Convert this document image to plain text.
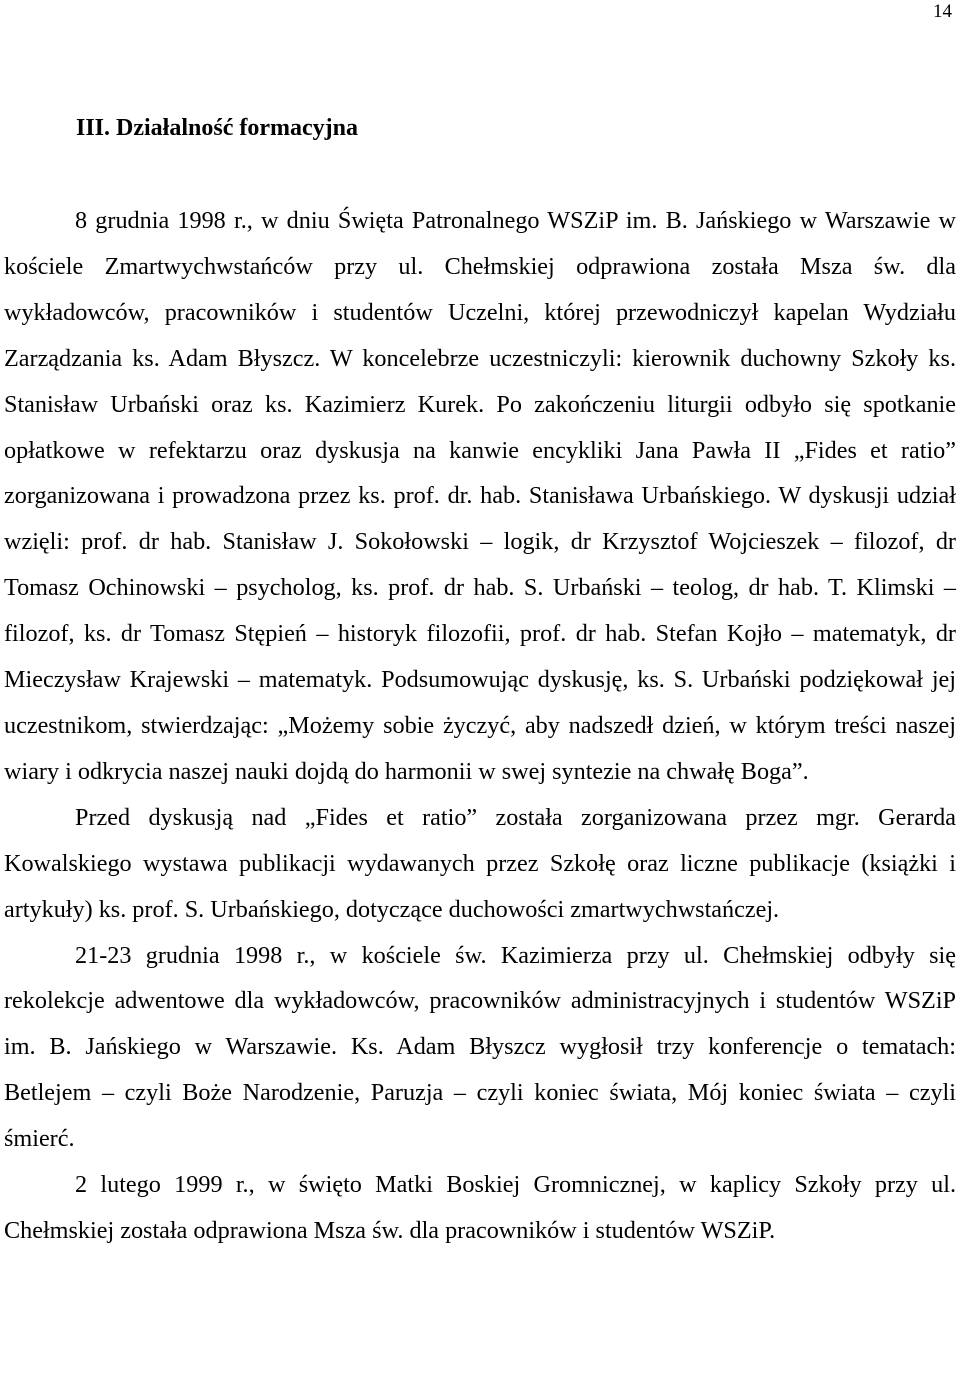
14
III. Działalność formacyjna

8 grudnia 1998 r., w dniu Święta Patronalnego WSZiP im. B. Jańskiego w Warszawie w kościele Zmartwychwstańców przy ul. Chełmskiej odprawiona została Msza św. dla wykładowców, pracowników i studentów Uczelni, której przewodniczył kapelan Wydziału Zarządzania ks. Adam Błyszcz. W koncelebrze uczestniczyli: kierownik duchowny Szkoły ks. Stanisław Urbański oraz ks. Kazimierz Kurek. Po zakończeniu liturgii odbyło się spotkanie opłatkowe w refektarzu oraz dyskusja na kanwie encykliki Jana Pawła II „Fides et ratio” zorganizowana i prowadzona przez ks. prof. dr. hab. Stanisława Urbańskiego. W dyskusji udział wzięli: prof. dr hab. Stanisław J. Sokołowski – logik, dr Krzysztof Wojcieszek – filozof, dr Tomasz Ochinowski – psycholog, ks. prof. dr hab. S. Urbański – teolog, dr hab. T. Klimski – filozof, ks. dr Tomasz Stępień – historyk filozofii, prof. dr hab. Stefan Kojło – matematyk, dr Mieczysław Krajewski – matematyk. Podsumowując dyskusję, ks. S. Urbański podziękował jej uczestnikom, stwierdzając: „Możemy sobie życzyć, aby nadszedł dzień, w którym treści naszej wiary i odkrycia naszej nauki dojdą do harmonii w swej syntezie na chwałę Boga”.

Przed dyskusją nad „Fides et ratio” została zorganizowana przez mgr. Gerarda Kowalskiego wystawa publikacji wydawanych przez Szkołę oraz liczne publikacje (książki i artykuły) ks. prof. S. Urbańskiego, dotyczące duchowości zmartwychwstańczej.

21-23 grudnia 1998 r., w kościele św. Kazimierza przy ul. Chełmskiej odbyły się rekolekcje adwentowe dla wykładowców, pracowników administracyjnych i studentów WSZiP im. B. Jańskiego w Warszawie. Ks. Adam Błyszcz wygłosił trzy konferencje o tematach: Betlejem – czyli Boże Narodzenie, Paruzja – czyli koniec świata, Mój koniec świata – czyli śmierć.

2 lutego 1999 r., w święto Matki Boskiej Gromnicznej, w kaplicy Szkoły przy ul. Chełmskiej została odprawiona Msza św. dla pracowników i studentów WSZiP.
